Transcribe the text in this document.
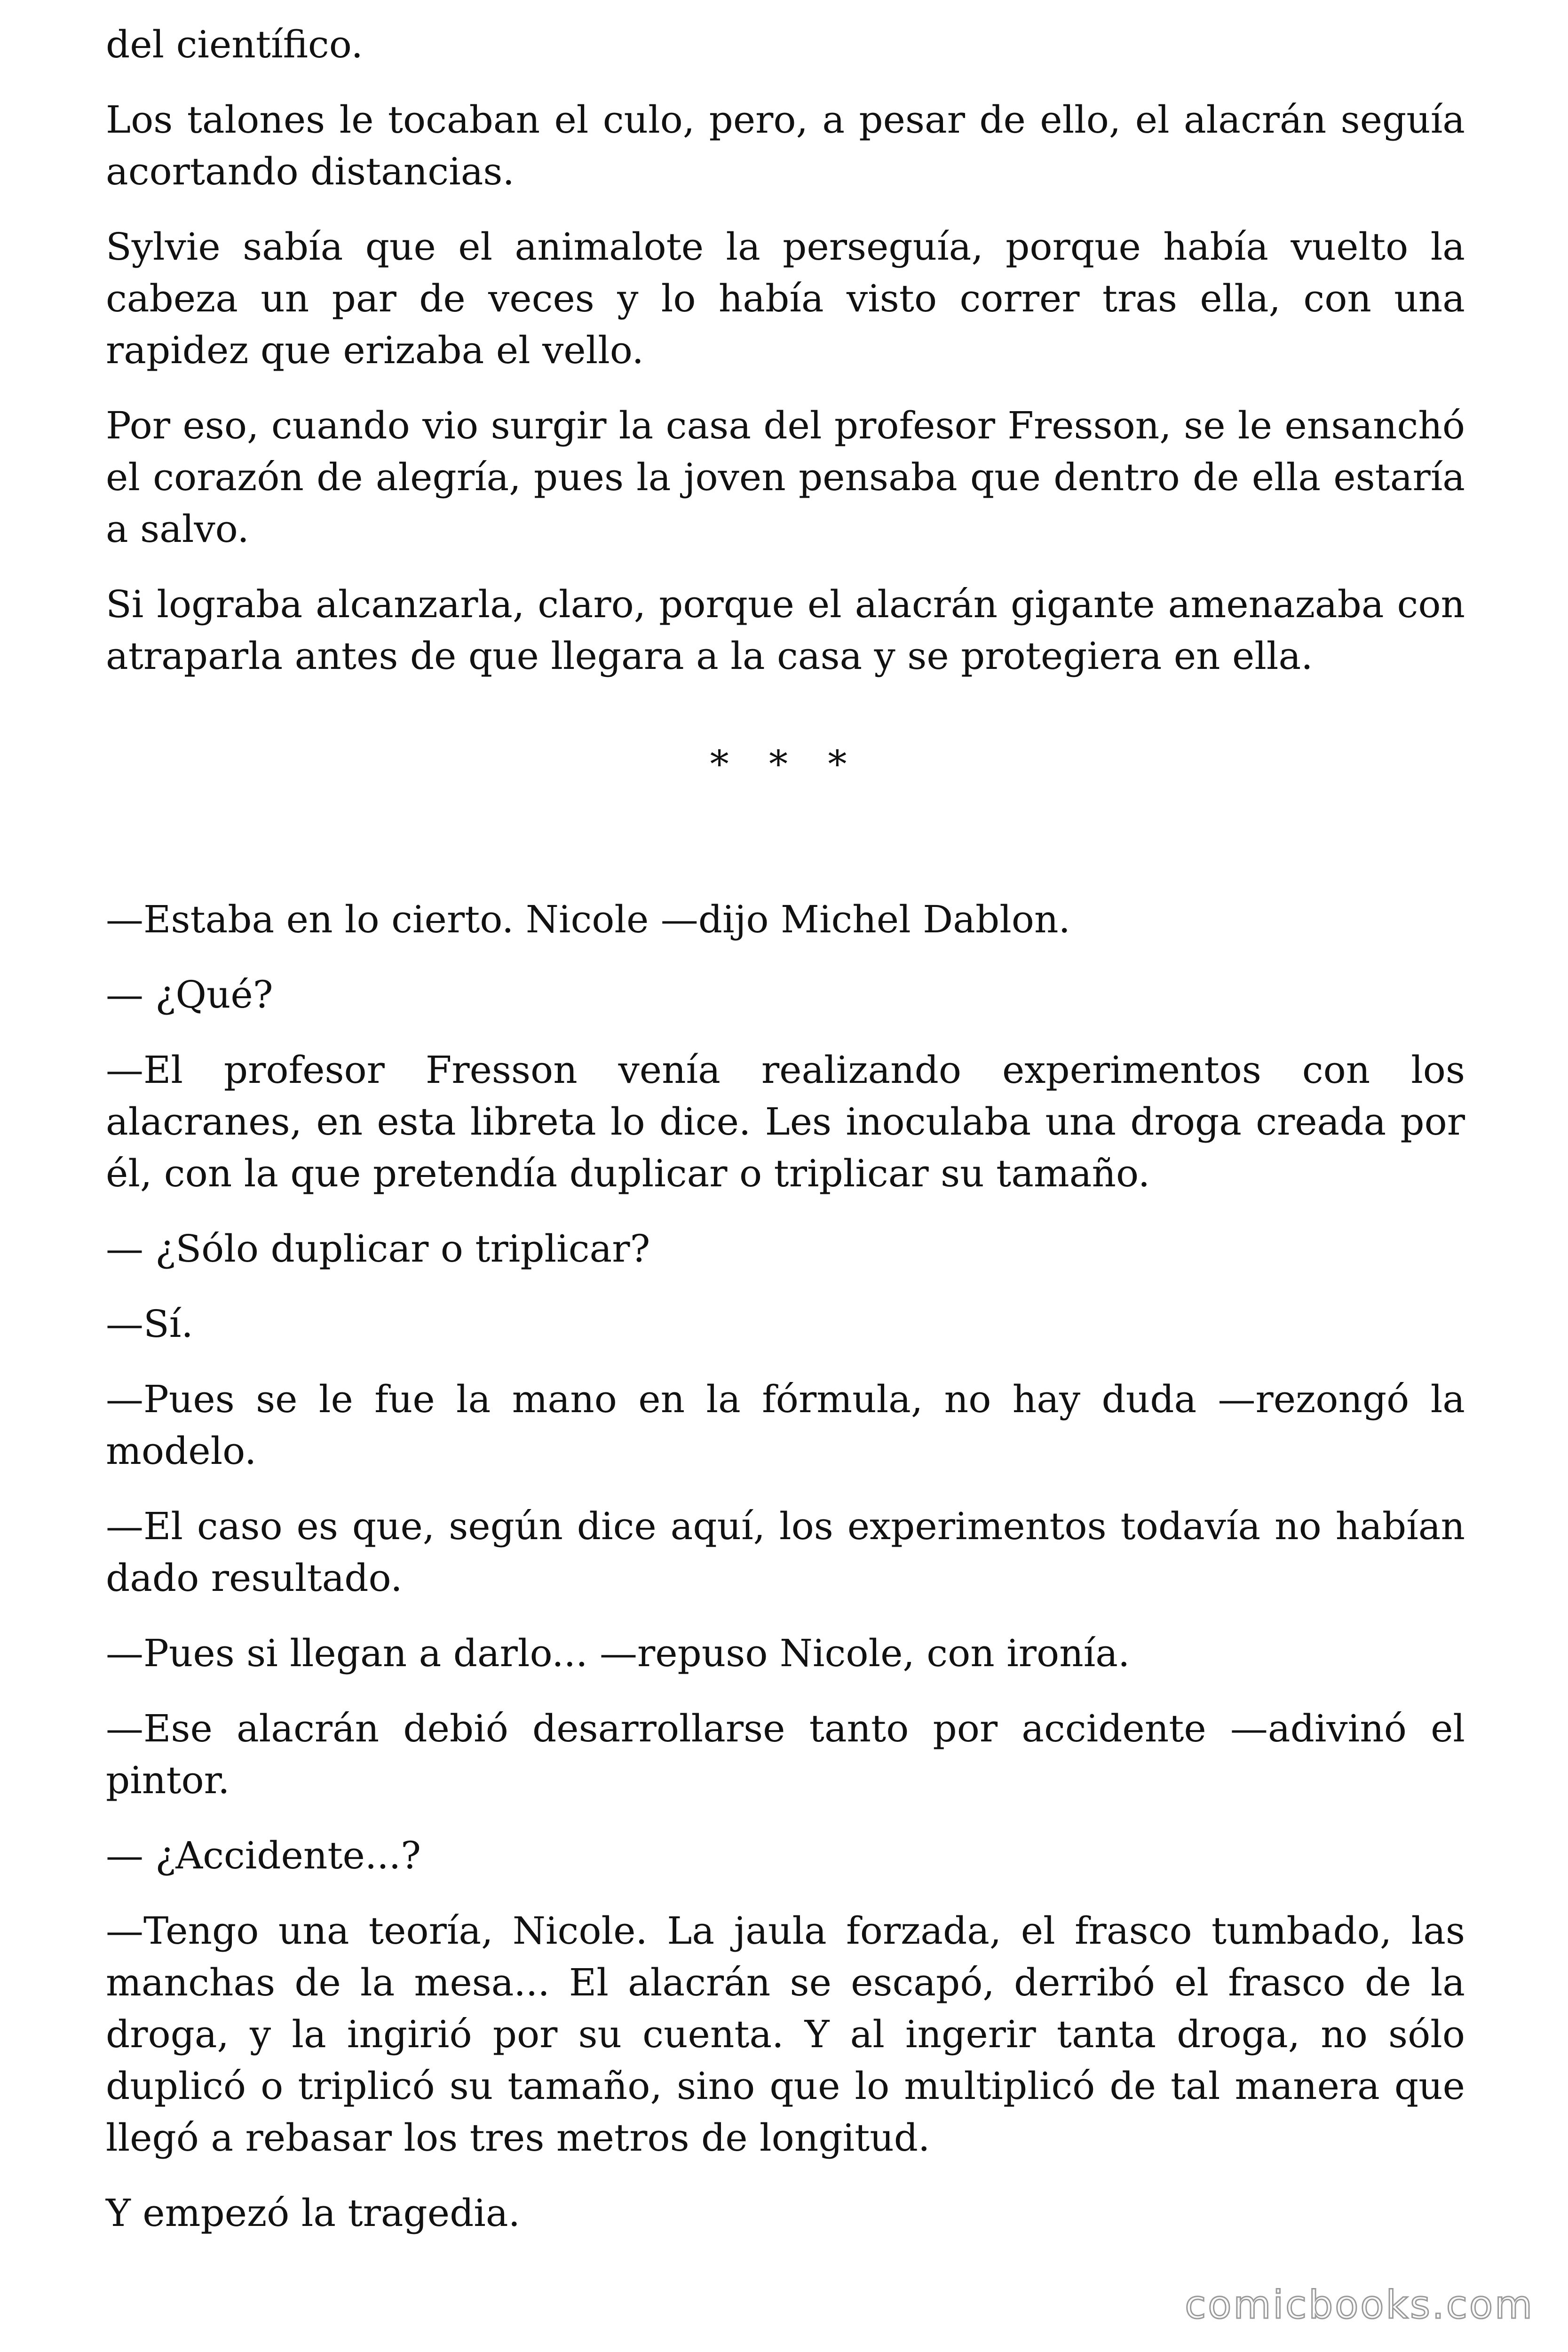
del científico.

Los talones le tocaban el culo, pero, a pesar de ello, el alacrán seguía acortando distancias.

Sylvie sabía que el animalote la perseguía, porque había vuelto la cabeza un par de veces y lo había visto correr tras ella, con una rapidez que erizaba el vello.

Por eso, cuando vio surgir la casa del profesor Fresson, se le ensanchó el corazón de alegría, pues la joven pensaba que dentro de ella estaría a salvo.

Si lograba alcanzarla, claro, porque el alacrán gigante amenazaba con atraparla antes de que llegara a la casa y se protegiera en ella.

* * *

—Estaba en lo cierto. Nicole —dijo Michel Dablon.

— ¿Qué?

—El profesor Fresson venía realizando experimentos con los alacranes, en esta libreta lo dice. Les inoculaba una droga creada por él, con la que pretendía duplicar o triplicar su tamaño.

— ¿Sólo duplicar o triplicar?

—Sí.

—Pues se le fue la mano en la fórmula, no hay duda —rezongó la modelo.

—El caso es que, según dice aquí, los experimentos todavía no habían dado resultado.

—Pues si llegan a darlo... —repuso Nicole, con ironía.

—Ese alacrán debió desarrollarse tanto por accidente —adivinó el pintor.

— ¿Accidente...?

—Tengo una teoría, Nicole. La jaula forzada, el frasco tumbado, las manchas de la mesa... El alacrán se escapó, derribó el frasco de la droga, y la ingirió por su cuenta. Y al ingerir tanta droga, no sólo duplicó o triplicó su tamaño, sino que lo multiplicó de tal manera que llegó a rebasar los tres metros de longitud.

Y empezó la tragedia.

comicbooks.com
